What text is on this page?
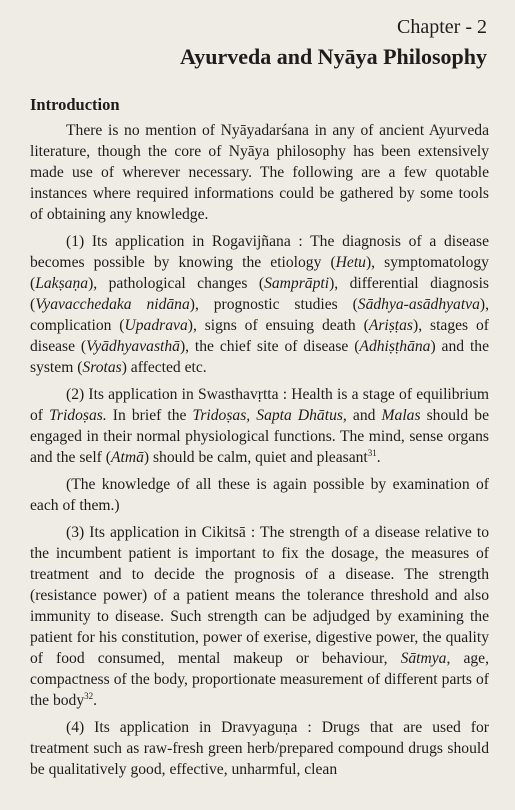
Chapter - 2
Ayurveda and Nyāya Philosophy
Introduction

There is no mention of Nyāyadarśana in any of ancient Ayurveda literature, though the core of Nyāya philosophy has been extensively made use of wherever necessary. The following are a few quotable instances where required informations could be gathered by some tools of obtaining any knowledge.

(1) Its application in Rogavijñana : The diagnosis of a disease becomes possible by knowing the etiology (Hetu), symptomatology (Lakṣaṇa), pathological changes (Samprāpti), differential diagnosis (Vyavacchedaka nidāna), prognostic studies (Sādhya-asādhyatva), complication (Upadrava), signs of ensuing death (Ariṣṭas), stages of disease (Vyādhyavasthā), the chief site of disease (Adhiṣṭhāna) and the system (Srotas) affected etc.

(2) Its application in Swasthavṛtta : Health is a stage of equilibrium of Tridoṣas. In brief the Tridoṣas, Sapta Dhātus, and Malas should be engaged in their normal physiological functions. The mind, sense organs and the self (Atmā) should be calm, quiet and pleasant$^{31}$.

(The knowledge of all these is again possible by examination of each of them.)

(3) Its application in Cikitsā : The strength of a disease relative to the incumbent patient is important to fix the dosage, the measures of treatment and to decide the prognosis of a disease. The strength (resistance power) of a patient means the tolerance threshold and also immunity to disease. Such strength can be adjudged by examining the patient for his constitution, power of exerise, digestive power, the quality of food consumed, mental makeup or behaviour, Sātmya, age, compactness of the body, proportionate measurement of different parts of the body$^{32}$.

(4) Its application in Dravyaguṇa : Drugs that are used for treatment such as raw-fresh green herb/prepared compound drugs should be qualitatively good, effective, unharmful, clean
